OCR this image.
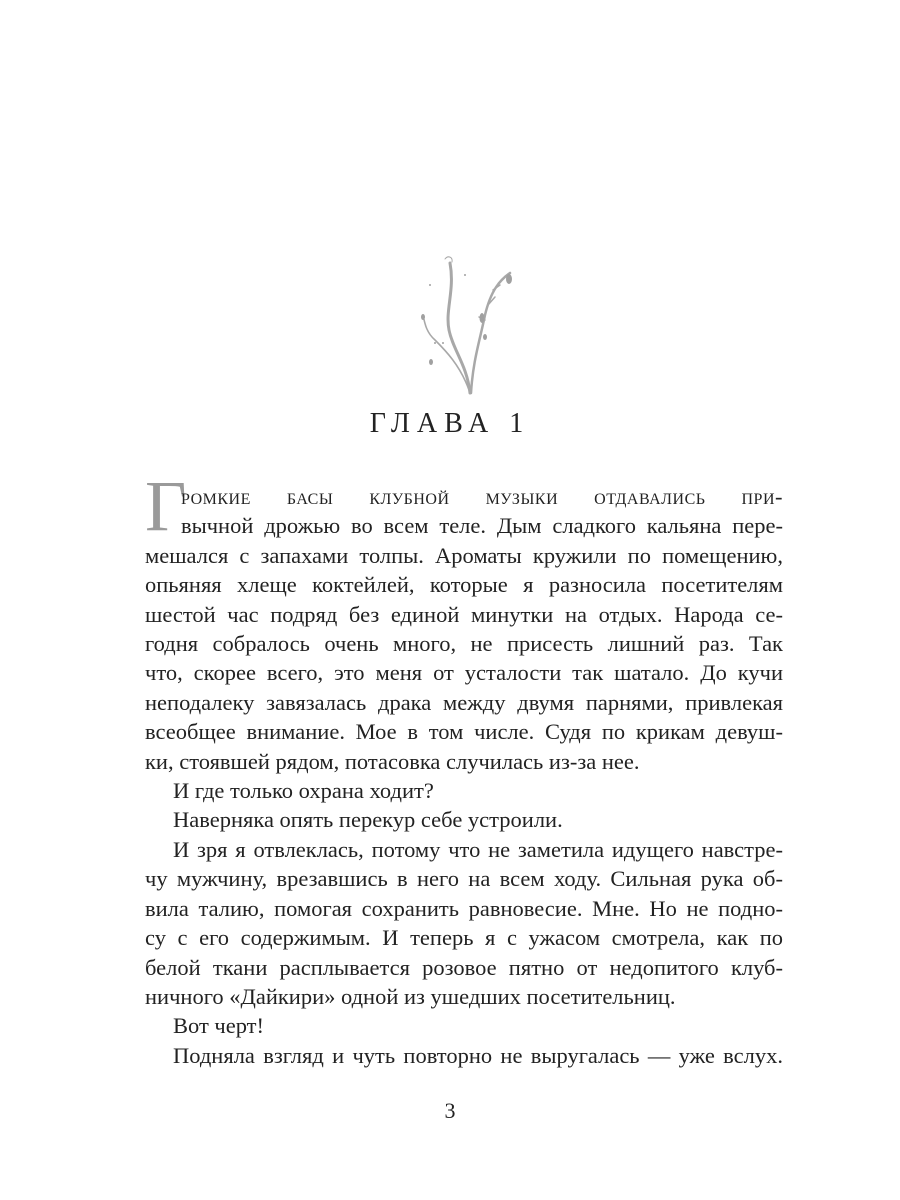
ГЛАВА 1
Г
ромкие басы клубной музыки отдавались при-
вычной дрожью во всем теле. Дым сладкого кальяна пере-
мешался с запахами толпы. Ароматы кружили по помещению,
опьяняя хлеще коктейлей, которые я разносила посетителям
шестой час подряд без единой минутки на отдых. Народа се-
годня собралось очень много, не присесть лишний раз. Так
что, скорее всего, это меня от усталости так шатало. До кучи
неподалеку завязалась драка между двумя парнями, привлекая
всеобщее внимание. Мое в том числе. Судя по крикам девуш-
ки, стоявшей рядом, потасовка случилась из-за нее.
И где только охрана ходит?
Наверняка опять перекур себе устроили.
И зря я отвлеклась, потому что не заметила идущего навстре-
чу мужчину, врезавшись в него на всем ходу. Сильная рука об-
вила талию, помогая сохранить равновесие. Мне. Но не подно-
су с его содержимым. И теперь я с ужасом смотрела, как по
белой ткани расплывается розовое пятно от недопитого клуб-
ничного «Дайкири» одной из ушедших посетительниц.
Вот черт!
Подняла взгляд и чуть повторно не выругалась — уже вслух.
3
